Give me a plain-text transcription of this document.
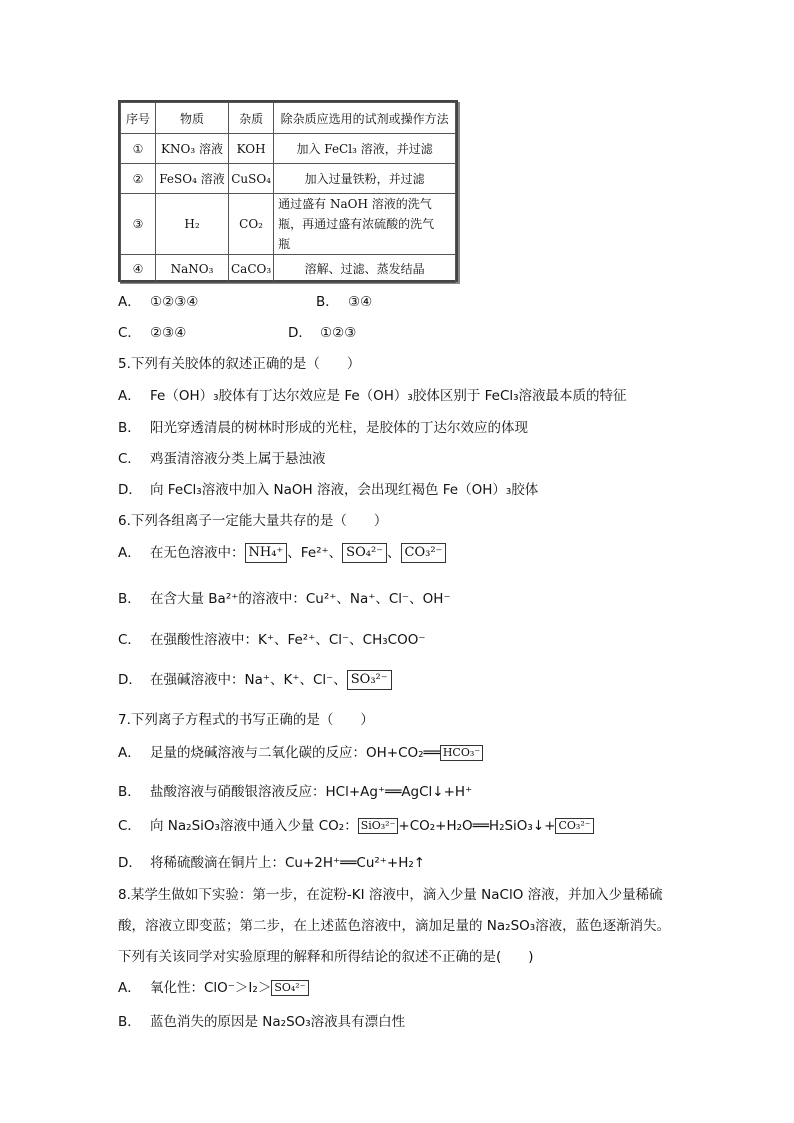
序号	物质	杂质	除杂质应选用的试剂或操作方法
①	KNO₃ 溶液	KOH	加入 FeCl₃ 溶液，并过滤
②	FeSO₄ 溶液	CuSO₄	加入过量铁粉，并过滤
③	H₂	CO₂	通过盛有 NaOH 溶液的洗气
瓶，再通过盛有浓硫酸的洗气
瓶

④	NaNO₃	CaCO₃	溶解、过滤、蒸发结晶
A． ①②③④	B． ③④
C． ②③④	D． ①②③
5.下列有关胶体的叙述正确的是（　　）
A． Fe（OH）₃胶体有丁达尔效应是 Fe（OH）₃胶体区别于 FeCl₃溶液最本质的特征
B． 阳光穿透清晨的树林时形成的光柱，是胶体的丁达尔效应的体现
C． 鸡蛋清溶液分类上属于悬浊液
D． 向 FeCl₃溶液中加入 NaOH 溶液，会出现红褐色 Fe（OH）₃胶体
6.下列各组离子一定能大量共存的是（　　）
A． 在无色溶液中： NH₄⁺ 、Fe²⁺、 SO₄²⁻ 、 CO₃²⁻
B． 在含大量 Ba²⁺的溶液中：Cu²⁺、Na⁺、Cl⁻、OH⁻
C． 在强酸性溶液中：K⁺、Fe²⁺、Cl⁻、CH₃COO⁻
D． 在强碱溶液中：Na⁺、K⁺、Cl⁻、 SO₃²⁻
7.下列离子方程式的书写正确的是（　　）
A． 足量的烧碱溶液与二氧化碳的反应：OH+CO₂══ HCO₃⁻
B． 盐酸溶液与硝酸银溶液反应：HCl+Ag⁺══AgCl↓+H⁺
C． 向 Na₂SiO₃溶液中通入少量 CO₂： SiO₃²⁻ +CO₂+H₂O══H₂SiO₃↓+ CO₃²⁻
D． 将稀硫酸滴在铜片上：Cu+2H⁺══Cu²⁺+H₂↑
8.某学生做如下实验：第一步，在淀粉-KI 溶液中，滴入少量 NaClO 溶液，并加入少量稀硫
酸，溶液立即变蓝；第二步，在上述蓝色溶液中，滴加足量的 Na₂SO₃溶液，蓝色逐渐消失。
下列有关该同学对实验原理的解释和所得结论的叙述不正确的是(　　)
A． 氧化性：ClO⁻＞I₂＞ SO₄²⁻
B． 蓝色消失的原因是 Na₂SO₃溶液具有漂白性
